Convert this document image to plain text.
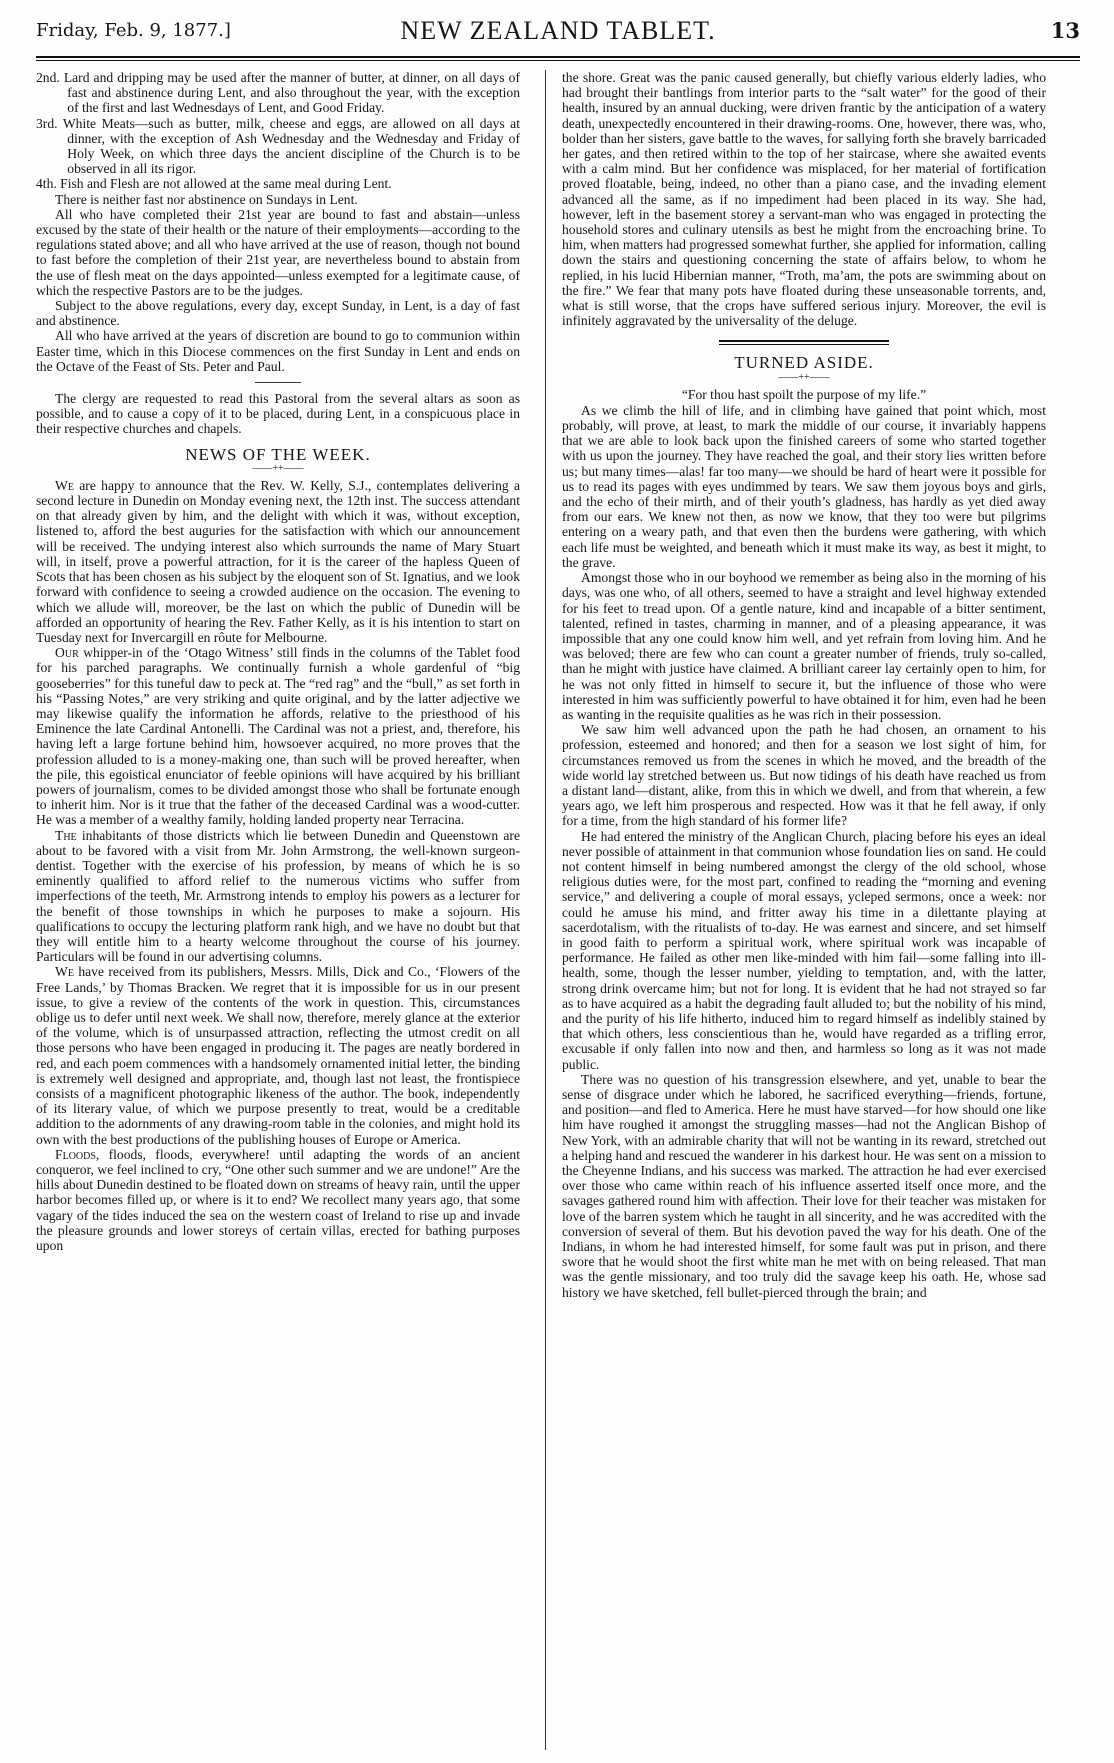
Friday, Feb. 9, 1877.]	NEW ZEALAND TABLET.	13

2nd. Lard and dripping may be used after the manner of butter, at dinner, on all days of fast and abstinence during Lent, and also throughout the year, with the exception of the first and last Wednesdays of Lent, and Good Friday.

3rd. White Meats—such as butter, milk, cheese and eggs, are allowed on all days at dinner, with the exception of Ash Wednesday and the Wednesday and Friday of Holy Week, on which three days the ancient discipline of the Church is to be observed in all its rigor.

4th. Fish and Flesh are not allowed at the same meal during Lent.

There is neither fast nor abstinence on Sundays in Lent.

All who have completed their 21st year are bound to fast and abstain—unless excused by the state of their health or the nature of their employments—according to the regulations stated above; and all who have arrived at the use of reason, though not bound to fast before the completion of their 21st year, are nevertheless bound to abstain from the use of flesh meat on the days appointed—unless exempted for a legitimate cause, of which the respective Pastors are to be the judges.

Subject to the above regulations, every day, except Sunday, in Lent, is a day of fast and abstinence.

All who have arrived at the years of discretion are bound to go to communion within Easter time, which in this Diocese commences on the first Sunday in Lent and ends on the Octave of the Feast of Sts. Peter and Paul.

The clergy are requested to read this Pastoral from the several altars as soon as possible, and to cause a copy of it to be placed, during Lent, in a conspicuous place in their respective churches and chapels.

NEWS OF THE WEEK.
——++——

We are happy to announce that the Rev. W. Kelly, S.J., contemplates delivering a second lecture in Dunedin on Monday evening next, the 12th inst. The success attendant on that already given by him, and the delight with which it was, without exception, listened to, afford the best auguries for the satisfaction with which our announcement will be received. The undying interest also which surrounds the name of Mary Stuart will, in itself, prove a powerful attraction, for it is the career of the hapless Queen of Scots that has been chosen as his subject by the eloquent son of St. Ignatius, and we look forward with confidence to seeing a crowded audience on the occasion. The evening to which we allude will, moreover, be the last on which the public of Dunedin will be afforded an opportunity of hearing the Rev. Father Kelly, as it is his intention to start on Tuesday next for Invercargill en rôute for Melbourne.

Our whipper-in of the ‘Otago Witness’ still finds in the columns of the Tablet food for his parched paragraphs. We continually furnish a whole gardenful of “big gooseberries” for this tuneful daw to peck at. The “red rag” and the “bull,” as set forth in his “Passing Notes,” are very striking and quite original, and by the latter adjective we may likewise qualify the information he affords, relative to the priesthood of his Eminence the late Cardinal Antonelli. The Cardinal was not a priest, and, therefore, his having left a large fortune behind him, howsoever acquired, no more proves that the profession alluded to is a money-making one, than such will be proved hereafter, when the pile, this egoistical enunciator of feeble opinions will have acquired by his brilliant powers of journalism, comes to be divided amongst those who shall be fortunate enough to inherit him. Nor is it true that the father of the deceased Cardinal was a wood-cutter. He was a member of a wealthy family, holding landed property near Terracina.

The inhabitants of those districts which lie between Dunedin and Queenstown are about to be favored with a visit from Mr. John Armstrong, the well-known surgeon-dentist. Together with the exercise of his profession, by means of which he is so eminently qualified to afford relief to the numerous victims who suffer from imperfections of the teeth, Mr. Armstrong intends to employ his powers as a lecturer for the benefit of those townships in which he purposes to make a sojourn. His qualifications to occupy the lecturing platform rank high, and we have no doubt but that they will entitle him to a hearty welcome throughout the course of his journey. Particulars will be found in our advertising columns.

We have received from its publishers, Messrs. Mills, Dick and Co., ‘Flowers of the Free Lands,’ by Thomas Bracken. We regret that it is impossible for us in our present issue, to give a review of the contents of the work in question. This, circumstances oblige us to defer until next week. We shall now, therefore, merely glance at the exterior of the volume, which is of unsurpassed attraction, reflecting the utmost credit on all those persons who have been engaged in producing it. The pages are neatly bordered in red, and each poem commences with a handsomely ornamented initial letter, the binding is extremely well designed and appropriate, and, though last not least, the frontispiece consists of a magnificent photographic likeness of the author. The book, independently of its literary value, of which we purpose presently to treat, would be a creditable addition to the adornments of any drawing-room table in the colonies, and might hold its own with the best productions of the publishing houses of Europe or America.

Floods, floods, floods, everywhere! until adapting the words of an ancient conqueror, we feel inclined to cry, “One other such summer and we are undone!” Are the hills about Dunedin destined to be floated down on streams of heavy rain, until the upper harbor becomes filled up, or where is it to end? We recollect many years ago, that some vagary of the tides induced the sea on the western coast of Ireland to rise up and invade the pleasure grounds and lower storeys of certain villas, erected for bathing purposes upon

the shore. Great was the panic caused generally, but chiefly various elderly ladies, who had brought their bantlings from interior parts to the “salt water” for the good of their health, insured by an annual ducking, were driven frantic by the anticipation of a watery death, unexpectedly encountered in their drawing-rooms. One, however, there was, who, bolder than her sisters, gave battle to the waves, for sallying forth she bravely barricaded her gates, and then retired within to the top of her staircase, where she awaited events with a calm mind. But her confidence was misplaced, for her material of fortification proved floatable, being, indeed, no other than a piano case, and the invading element advanced all the same, as if no impediment had been placed in its way. She had, however, left in the basement storey a servant-man who was engaged in protecting the household stores and culinary utensils as best he might from the encroaching brine. To him, when matters had progressed somewhat further, she applied for information, calling down the stairs and questioning concerning the state of affairs below, to whom he replied, in his lucid Hibernian manner, “Troth, ma’am, the pots are swimming about on the fire.” We fear that many pots have floated during these unseasonable torrents, and, what is still worse, that the crops have suffered serious injury. Moreover, the evil is infinitely aggravated by the universality of the deluge.

TURNED ASIDE.
——++——

“For thou hast spoilt the purpose of my life.”

As we climb the hill of life, and in climbing have gained that point which, most probably, will prove, at least, to mark the middle of our course, it invariably happens that we are able to look back upon the finished careers of some who started together with us upon the journey. They have reached the goal, and their story lies written before us; but many times—alas! far too many—we should be hard of heart were it possible for us to read its pages with eyes undimmed by tears. We saw them joyous boys and girls, and the echo of their mirth, and of their youth’s gladness, has hardly as yet died away from our ears. We knew not then, as now we know, that they too were but pilgrims entering on a weary path, and that even then the burdens were gathering, with which each life must be weighted, and beneath which it must make its way, as best it might, to the grave.

Amongst those who in our boyhood we remember as being also in the morning of his days, was one who, of all others, seemed to have a straight and level highway extended for his feet to tread upon. Of a gentle nature, kind and incapable of a bitter sentiment, talented, refined in tastes, charming in manner, and of a pleasing appearance, it was impossible that any one could know him well, and yet refrain from loving him. And he was beloved; there are few who can count a greater number of friends, truly so-called, than he might with justice have claimed. A brilliant career lay certainly open to him, for he was not only fitted in himself to secure it, but the influence of those who were interested in him was sufficiently powerful to have obtained it for him, even had he been as wanting in the requisite qualities as he was rich in their possession.

We saw him well advanced upon the path he had chosen, an ornament to his profession, esteemed and honored; and then for a season we lost sight of him, for circumstances removed us from the scenes in which he moved, and the breadth of the wide world lay stretched between us. But now tidings of his death have reached us from a distant land—distant, alike, from this in which we dwell, and from that wherein, a few years ago, we left him prosperous and respected. How was it that he fell away, if only for a time, from the high standard of his former life?

He had entered the ministry of the Anglican Church, placing before his eyes an ideal never possible of attainment in that communion whose foundation lies on sand. He could not content himself in being numbered amongst the clergy of the old school, whose religious duties were, for the most part, confined to reading the “morning and evening service,” and delivering a couple of moral essays, ycleped sermons, once a week: nor could he amuse his mind, and fritter away his time in a dilettante playing at sacerdotalism, with the ritualists of to-day. He was earnest and sincere, and set himself in good faith to perform a spiritual work, where spiritual work was incapable of performance. He failed as other men like-minded with him fail—some falling into ill-health, some, though the lesser number, yielding to temptation, and, with the latter, strong drink overcame him; but not for long. It is evident that he had not strayed so far as to have acquired as a habit the degrading fault alluded to; but the nobility of his mind, and the purity of his life hitherto, induced him to regard himself as indelibly stained by that which others, less conscientious than he, would have regarded as a trifling error, excusable if only fallen into now and then, and harmless so long as it was not made public.

There was no question of his transgression elsewhere, and yet, unable to bear the sense of disgrace under which he labored, he sacrificed everything—friends, fortune, and position—and fled to America. Here he must have starved—for how should one like him have roughed it amongst the struggling masses—had not the Anglican Bishop of New York, with an admirable charity that will not be wanting in its reward, stretched out a helping hand and rescued the wanderer in his darkest hour. He was sent on a mission to the Cheyenne Indians, and his success was marked. The attraction he had ever exercised over those who came within reach of his influence asserted itself once more, and the savages gathered round him with affection. Their love for their teacher was mistaken for love of the barren system which he taught in all sincerity, and he was accredited with the conversion of several of them. But his devotion paved the way for his death. One of the Indians, in whom he had interested himself, for some fault was put in prison, and there swore that he would shoot the first white man he met with on being released. That man was the gentle missionary, and too truly did the savage keep his oath. He, whose sad history we have sketched, fell bullet-pierced through the brain; and
